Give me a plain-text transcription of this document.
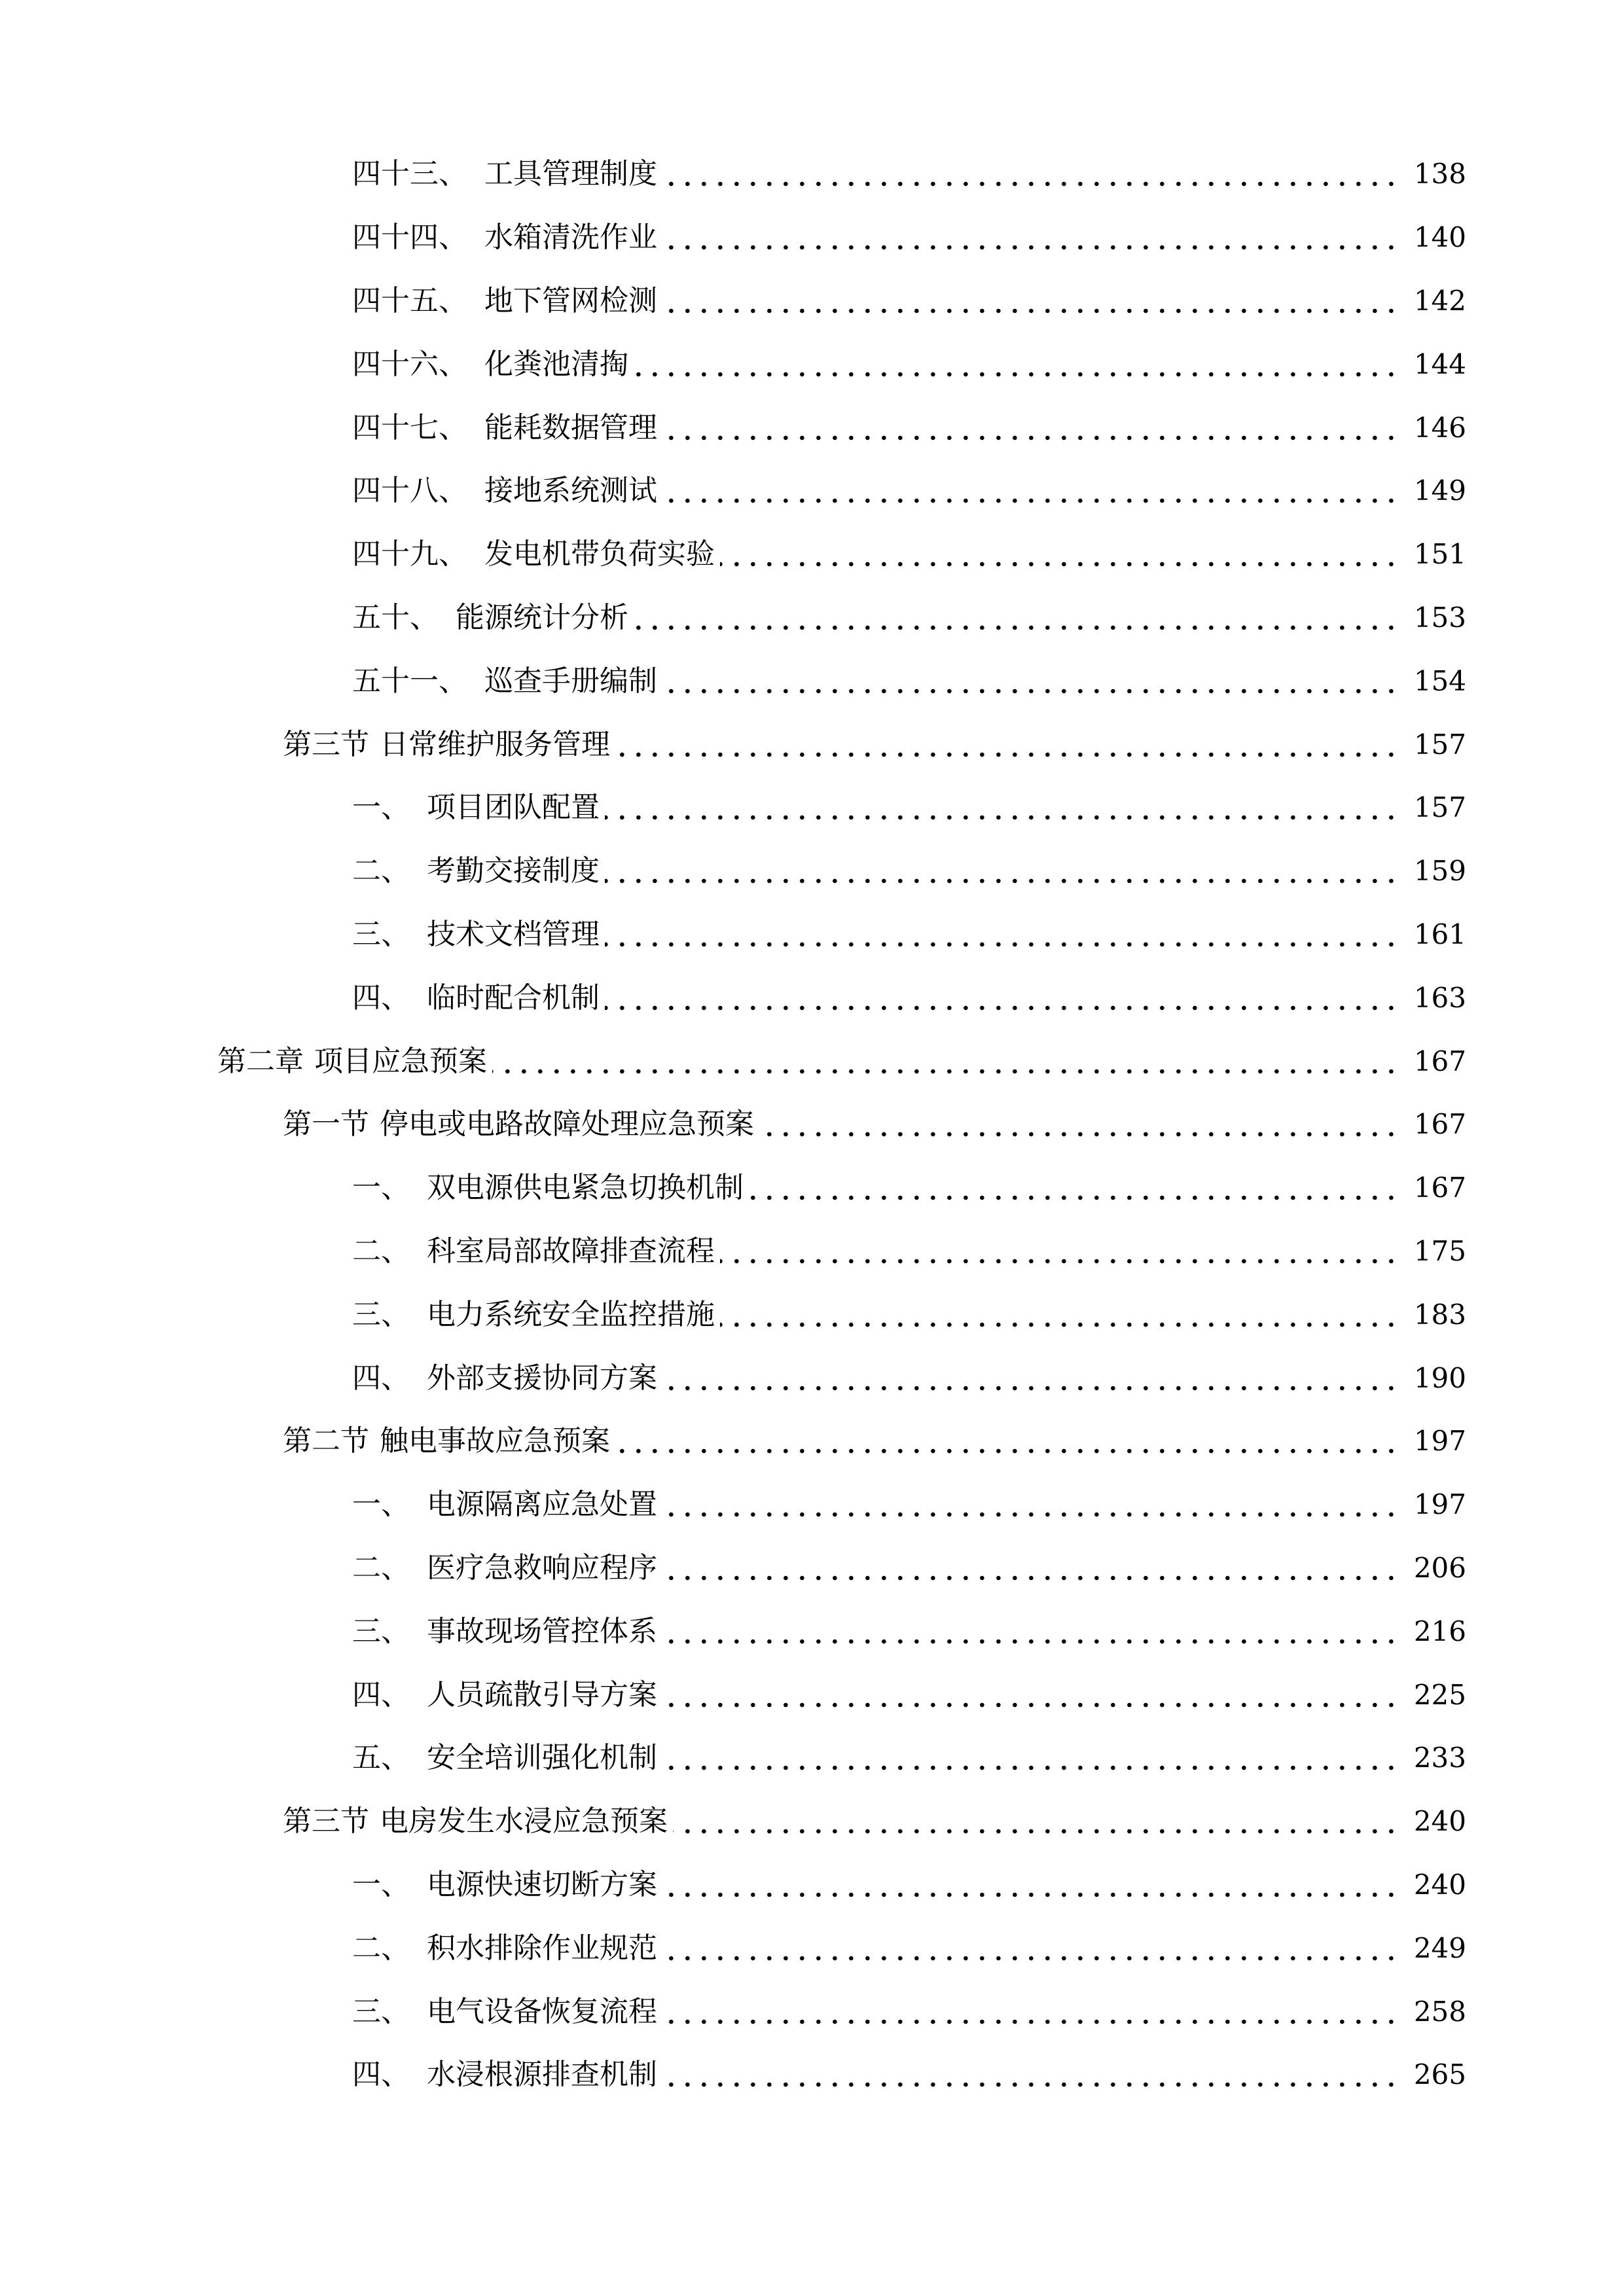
四十三、 工具管理制度	138
四十四、 水箱清洗作业	140
四十五、 地下管网检测	142
四十六、 化粪池清掏	144
四十七、 能耗数据管理	146
四十八、 接地系统测试	149
四十九、 发电机带负荷实验	151
五十、 能源统计分析	153
五十一、 巡查手册编制	154
第三节 日常维护服务管理	157
一、 项目团队配置	157
二、 考勤交接制度	159
三、 技术文档管理	161
四、 临时配合机制	163
第二章 项目应急预案	167
第一节 停电或电路故障处理应急预案	167
一、 双电源供电紧急切换机制	167
二、 科室局部故障排查流程	175
三、 电力系统安全监控措施	183
四、 外部支援协同方案	190
第二节 触电事故应急预案	197
一、 电源隔离应急处置	197
二、 医疗急救响应程序	206
三、 事故现场管控体系	216
四、 人员疏散引导方案	225
五、 安全培训强化机制	233
第三节 电房发生水浸应急预案	240
一、 电源快速切断方案	240
二、 积水排除作业规范	249
三、 电气设备恢复流程	258
四、 水浸根源排查机制	265
